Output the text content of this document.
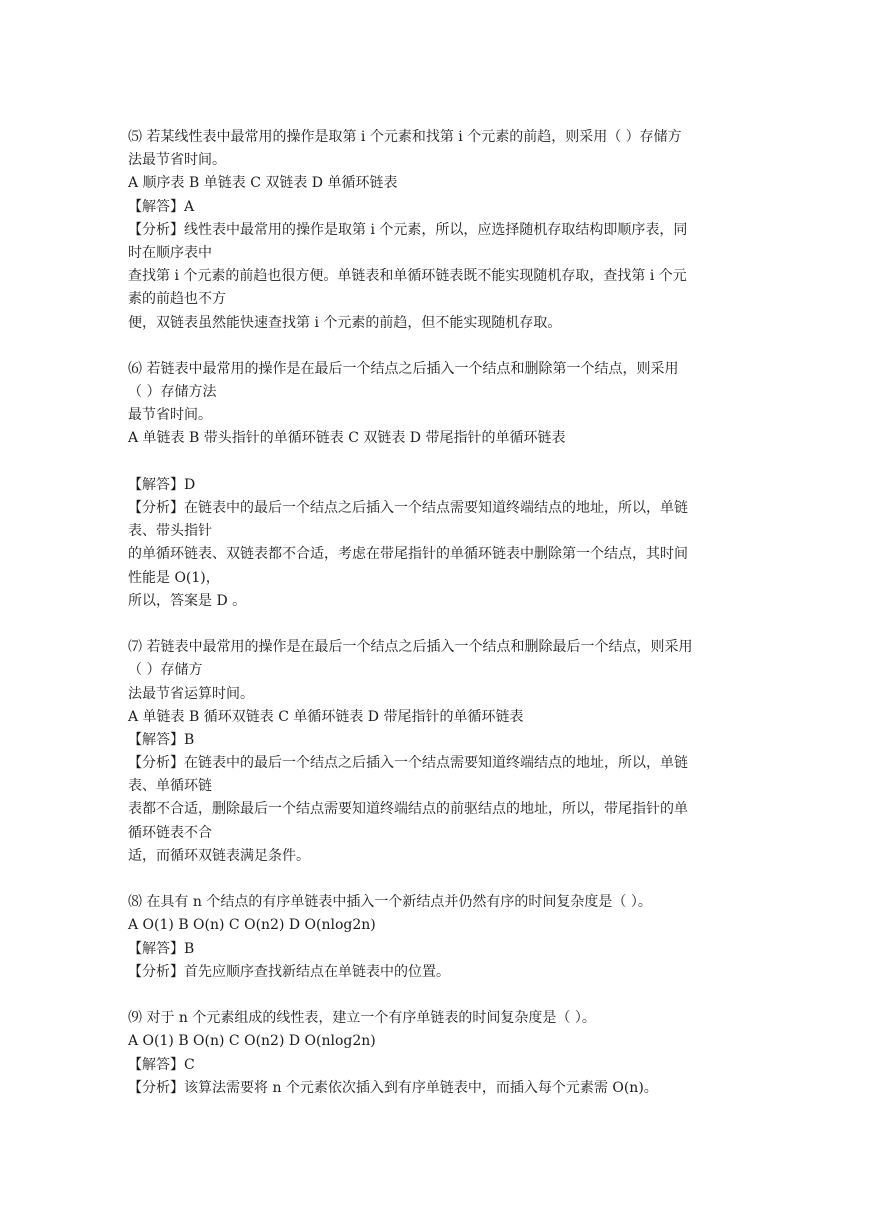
⑸ 若某线性表中最常用的操作是取第 i 个元素和找第 i 个元素的前趋，则采用（ ）存储方
法最节省时间。
A 顺序表 B 单链表 C 双链表 D 单循环链表
【解答】A
【分析】线性表中最常用的操作是取第 i 个元素，所以，应选择随机存取结构即顺序表，同
时在顺序表中
查找第 i 个元素的前趋也很方便。单链表和单循环链表既不能实现随机存取，查找第 i 个元
素的前趋也不方
便，双链表虽然能快速查找第 i 个元素的前趋，但不能实现随机存取。
⑹ 若链表中最常用的操作是在最后一个结点之后插入一个结点和删除第一个结点，则采用
（ ）存储方法
最节省时间。
A 单链表 B 带头指针的单循环链表 C 双链表 D 带尾指针的单循环链表
【解答】D
【分析】在链表中的最后一个结点之后插入一个结点需要知道终端结点的地址，所以，单链
表、带头指针
的单循环链表、双链表都不合适，考虑在带尾指针的单循环链表中删除第一个结点，其时间
性能是 O(1)，
所以，答案是 D 。
⑺ 若链表中最常用的操作是在最后一个结点之后插入一个结点和删除最后一个结点，则采用
（ ）存储方
法最节省运算时间。
A 单链表 B 循环双链表 C 单循环链表 D 带尾指针的单循环链表
【解答】B
【分析】在链表中的最后一个结点之后插入一个结点需要知道终端结点的地址，所以，单链
表、单循环链
表都不合适，删除最后一个结点需要知道终端结点的前驱结点的地址，所以，带尾指针的单
循环链表不合
适，而循环双链表满足条件。
⑻ 在具有 n 个结点的有序单链表中插入一个新结点并仍然有序的时间复杂度是（ ）。
A O(1) B O(n) C O(n2) D O(nlog2n)
【解答】B
【分析】首先应顺序查找新结点在单链表中的位置。
⑼ 对于 n 个元素组成的线性表，建立一个有序单链表的时间复杂度是（ ）。
A O(1) B O(n) C O(n2) D O(nlog2n)
【解答】C
【分析】该算法需要将 n 个元素依次插入到有序单链表中，而插入每个元素需 O(n)。
